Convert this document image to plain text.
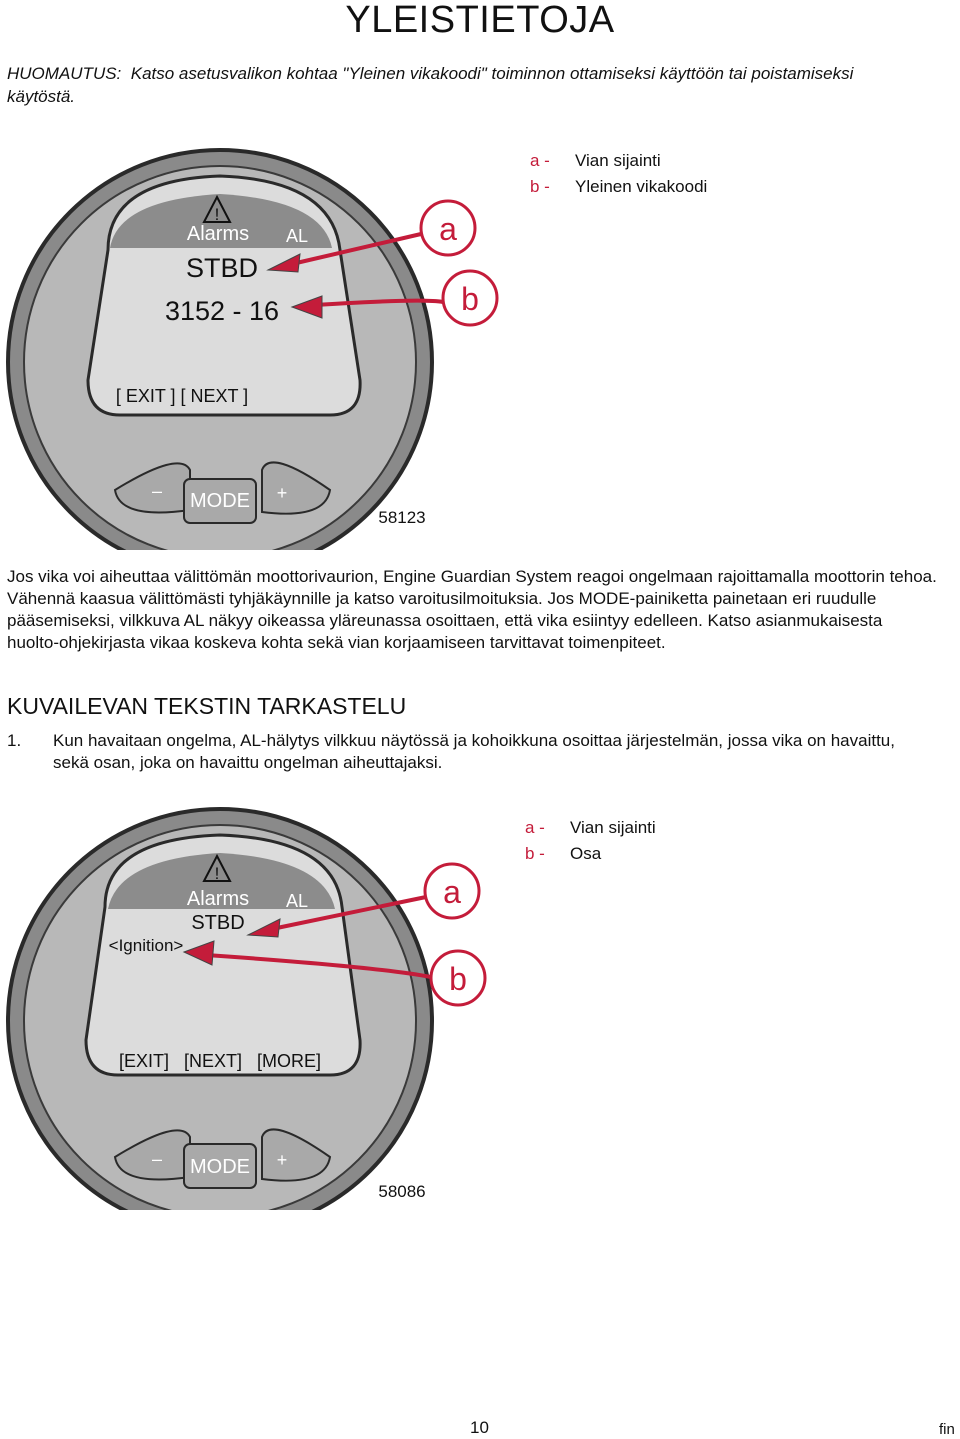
YLEISTIETOJA
HUOMAUTUS: Katso asetusvalikon kohtaa "Yleinen vikakoodi" toiminnon ottamiseksi käyttöön tai poistamiseksi käytöstä.
!
Alarms AL
STBD
3152 - 16
[ EXIT ] [ NEXT ]
– MODE +
a
b
58123
a - Vian sijainti
b - Yleinen vikakoodi
Jos vika voi aiheuttaa välittömän moottorivaurion, Engine Guardian System reagoi ongelmaan rajoittamalla moottorin tehoa. Vähennä kaasua välittömästi tyhjäkäynnille ja katso varoitusilmoituksia. Jos MODE-painiketta painetaan eri ruudulle pääsemiseksi, vilkkuva AL näkyy oikeassa yläreunassa osoittaen, että vika esiintyy edelleen. Katso asianmukaisesta huolto-ohjekirjasta vikaa koskeva kohta sekä vian korjaamiseen tarvittavat toimenpiteet.
KUVAILEVAN TEKSTIN TARKASTELU
1. Kun havaitaan ongelma, AL-hälytys vilkkuu näytössä ja kohoikkuna osoittaa järjestelmän, jossa vika on havaittu, sekä osan, joka on havaittu ongelman aiheuttajaksi.
!
Alarms AL
STBD
<Ignition>
[EXIT]   [NEXT]   [MORE]
– MODE +
a
b
58086
a - Vian sijainti
b - Osa
10	fin
